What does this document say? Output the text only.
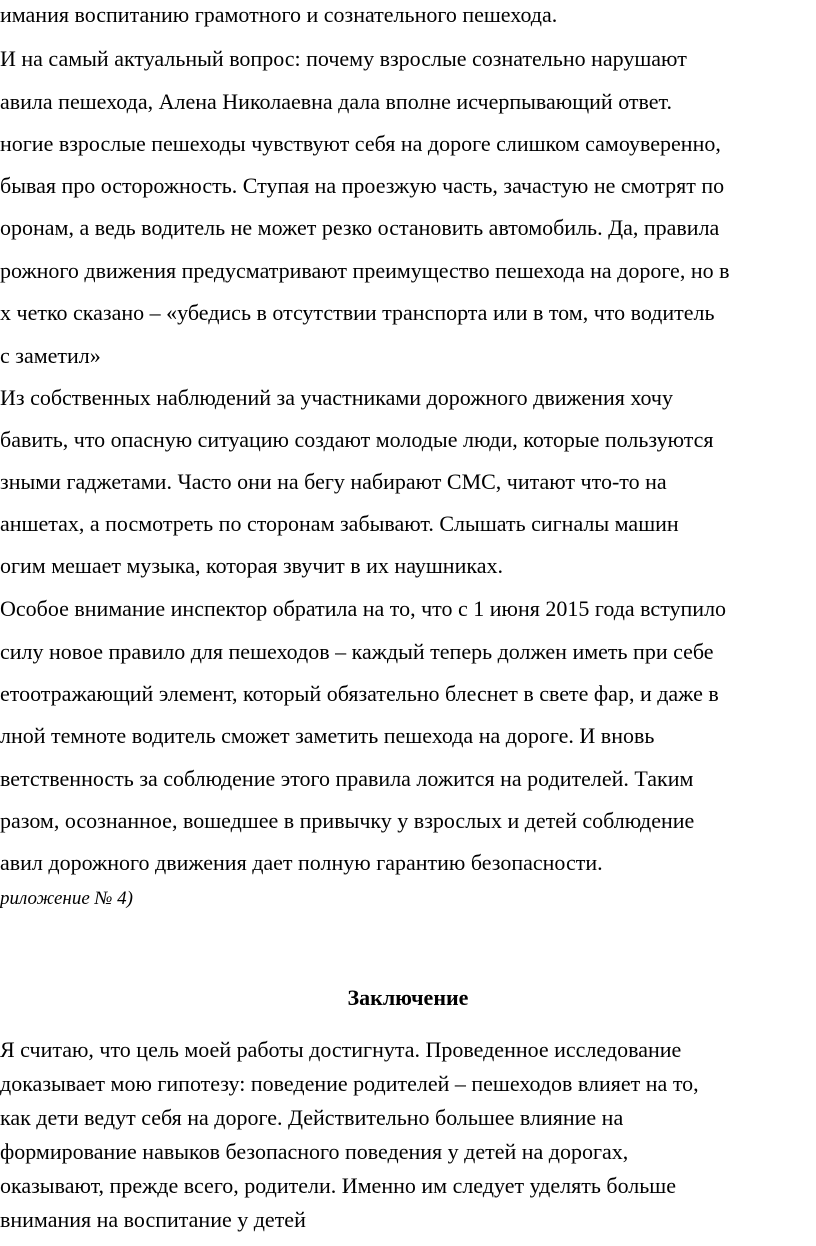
имания воспитанию грамотного и сознательного пешехода.
И на самый актуальный вопрос: почему взрослые сознательно нарушают
авила пешехода, Алена Николаевна дала вполне исчерпывающий ответ.
ногие взрослые пешеходы чувствуют себя на дороге слишком самоуверенно,
бывая про осторожность. Ступая на проезжую часть, зачастую не смотрят по
оронам, а ведь водитель не может резко остановить автомобиль. Да, правила
рожного движения предусматривают преимущество пешехода на дороге, но в
х четко сказано – «убедись в отсутствии транспорта или в том, что водитель
с заметил»
Из собственных наблюдений за участниками дорожного движения хочу
бавить, что опасную ситуацию создают молодые люди, которые пользуются
зными гаджетами. Часто они на бегу набирают СМС, читают что-то на
аншетах, а посмотреть по сторонам забывают. Слышать сигналы машин
огим мешает музыка, которая звучит в их наушниках.
Особое внимание инспектор обратила на то, что с 1 июня 2015 года вступило
силу новое правило для пешеходов – каждый теперь должен иметь при себе
етоотражающий элемент, который обязательно блеснет в свете фар, и даже в
лной темноте водитель сможет заметить пешехода на дороге. И вновь
ветственность за соблюдение этого правила ложится на родителей. Таким
разом, осознанное, вошедшее в привычку у взрослых и детей соблюдение
авил дорожного движения дает полную гарантию безопасности.
риложение № 4)
Заключение
Я считаю, что цель моей работы достигнута. Проведенное исследование
доказывает мою гипотезу: поведение родителей – пешеходов влияет на то,
как дети ведут себя на дороге. Действительно большее влияние на
формирование навыков безопасного поведения у детей на дорогах,
оказывают, прежде всего, родители. Именно им следует уделять больше
внимания на воспитание у детей
